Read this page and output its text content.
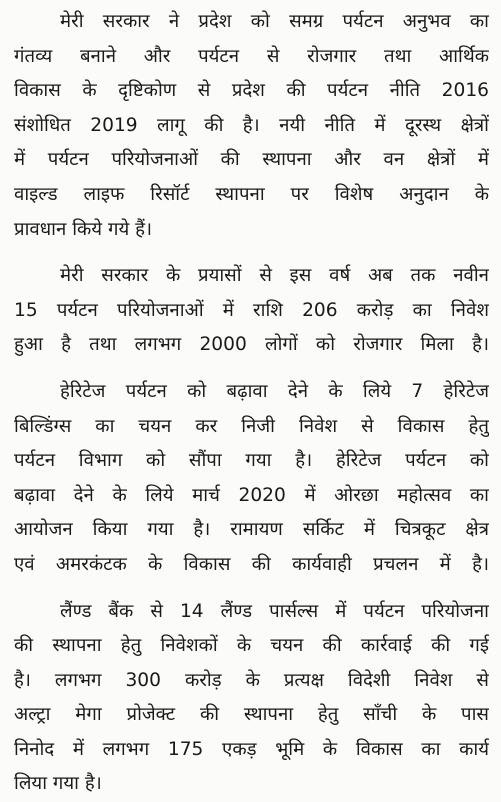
मेरी सरकार ने प्रदेश को समग्र पर्यटन अनुभव का
गंतव्य बनाने और पर्यटन से रोजगार तथा आर्थिक
विकास के दृष्टिकोण से प्रदेश की पर्यटन नीति 2016
संशोधित 2019 लागू की है। नयी नीति में दूरस्थ क्षेत्रों
में पर्यटन परियोजनाओं की स्थापना और वन क्षेत्रों में
वाइल्ड लाइफ रिसॉर्ट स्थापना पर विशेष अनुदान के
प्रावधान किये गये हैं।

मेरी सरकार के प्रयासों से इस वर्ष अब तक नवीन
15 पर्यटन परियोजनाओं में राशि 206 करोड़ का निवेश
हुआ है तथा लगभग 2000 लोगों को रोजगार मिला है।

हेरिटेज पर्यटन को बढ़ावा देने के लिये 7 हेरिटेज
बिल्डिंग्स का चयन कर निजी निवेश से विकास हेतु
पर्यटन विभाग को सौंपा गया है। हेरिटेज पर्यटन को
बढ़ावा देने के लिये मार्च 2020 में ओरछा महोत्सव का
आयोजन किया गया है। रामायण सर्किट में चित्रकूट क्षेत्र
एवं अमरकंटक के विकास की कार्यवाही प्रचलन में है।

लैंण्ड बैंक से 14 लैंण्ड पार्सल्स में पर्यटन परियोजना
की स्थापना हेतु निवेशकों के चयन की कार्रवाई की गई
है। लगभग 300 करोड़ के प्रत्यक्ष विदेशी निवेश से
अल्ट्रा मेगा प्रोजेक्ट की स्थापना हेतु साँची के पास
निनोद में लगभग 175 एकड़ भूमि के विकास का कार्य
लिया गया है।
